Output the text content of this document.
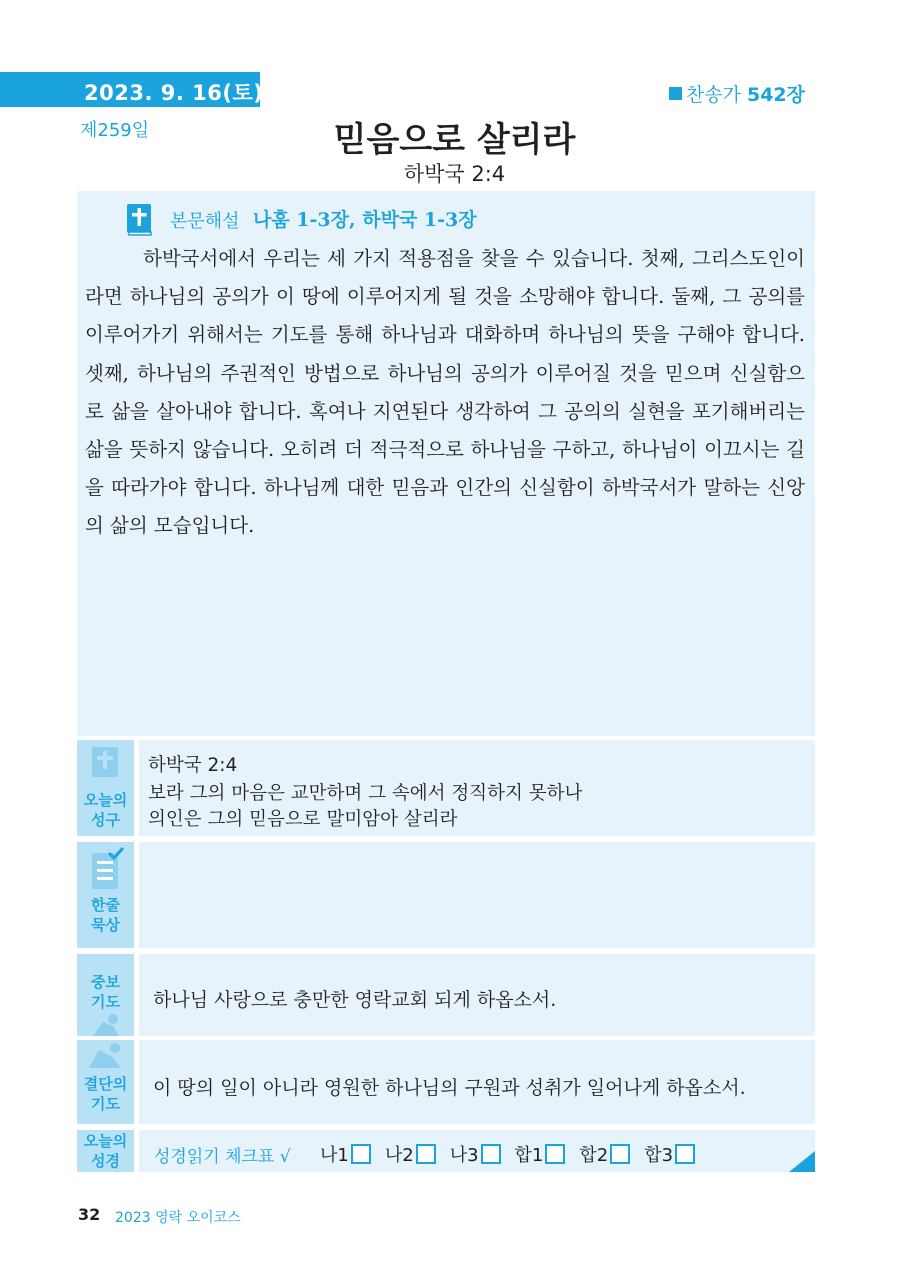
2023. 9. 16(토)
제259일
찬송가 542장
믿음으로 살리라
하박국 2:4
본문해설 나훔 1-3장, 하박국 1-3장
하박국서에서 우리는 세 가지 적용점을 찾을 수 있습니다. 첫째, 그리스도인이라면 하나님의 공의가 이 땅에 이루어지게 될 것을 소망해야 합니다. 둘째, 그 공의를 이루어가기 위해서는 기도를 통해 하나님과 대화하며 하나님의 뜻을 구해야 합니다. 셋째, 하나님의 주권적인 방법으로 하나님의 공의가 이루어질 것을 믿으며 신실함으로 삶을 살아내야 합니다. 혹여나 지연된다 생각하여 그 공의의 실현을 포기해버리는 삶을 뜻하지 않습니다. 오히려 더 적극적으로 하나님을 구하고, 하나님이 이끄시는 길을 따라가야 합니다. 하나님께 대한 믿음과 인간의 신실함이 하박국서가 말하는 신앙의 삶의 모습입니다.
오늘의
성구
하박국 2:4
보라 그의 마음은 교만하며 그 속에서 정직하지 못하나
의인은 그의 믿음으로 말미암아 살리라
한줄
묵상
중보
기도	하나님 사랑으로 충만한 영락교회 되게 하옵소서.
결단의
기도
이 땅의 일이 아니라 영원한 하나님의 구원과 성취가 일어나게 하옵소서.
오늘의
성경	성경읽기 체크표 √ 나1 나2 나3 합1 합2 합3
32 2023 영락 오이코스
